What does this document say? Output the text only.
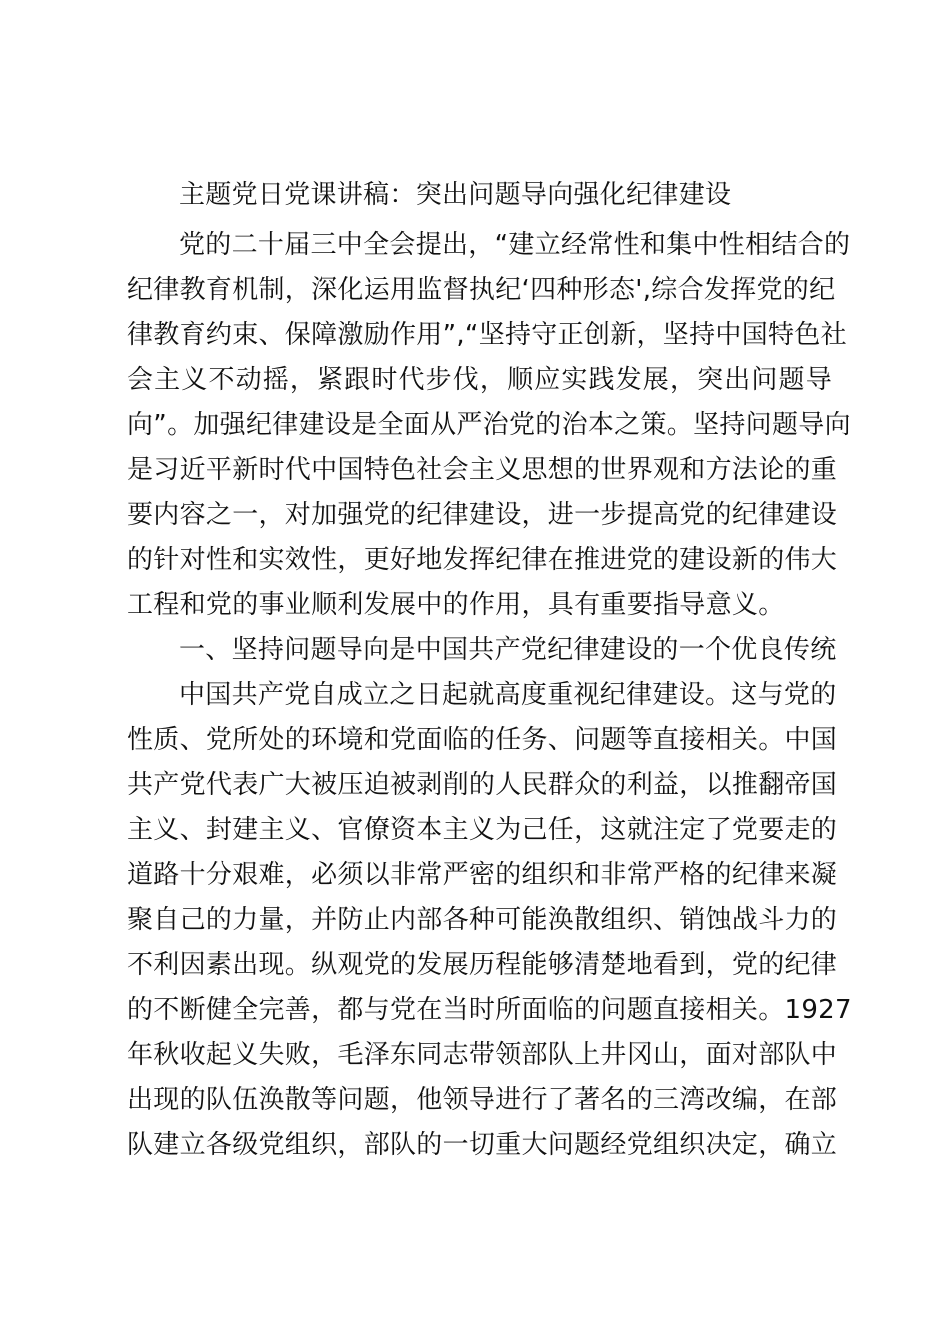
主题党日党课讲稿：突出问题导向强化纪律建设

党的二十届三中全会提出，“建立经常性和集中性相结合的
纪律教育机制，深化运用监督执纪‘四种形态',综合发挥党的纪
律教育约束、保障激励作用”,“坚持守正创新，坚持中国特色社
会主义不动摇，紧跟时代步伐，顺应实践发展，突出问题导
向”。加强纪律建设是全面从严治党的治本之策。坚持问题导向
是习近平新时代中国特色社会主义思想的世界观和方法论的重
要内容之一，对加强党的纪律建设，进一步提高党的纪律建设
的针对性和实效性，更好地发挥纪律在推进党的建设新的伟大
工程和党的事业顺利发展中的作用，具有重要指导意义。

一、坚持问题导向是中国共产党纪律建设的一个优良传统

中国共产党自成立之日起就高度重视纪律建设。这与党的
性质、党所处的环境和党面临的任务、问题等直接相关。中国
共产党代表广大被压迫被剥削的人民群众的利益，以推翻帝国
主义、封建主义、官僚资本主义为己任，这就注定了党要走的
道路十分艰难，必须以非常严密的组织和非常严格的纪律来凝
聚自己的力量，并防止内部各种可能涣散组织、销蚀战斗力的
不利因素出现。纵观党的发展历程能够清楚地看到，党的纪律
的不断健全完善，都与党在当时所面临的问题直接相关。1927
年秋收起义失败，毛泽东同志带领部队上井冈山，面对部队中
出现的队伍涣散等问题，他领导进行了著名的三湾改编，在部
队建立各级党组织，部队的一切重大问题经党组织决定，确立
